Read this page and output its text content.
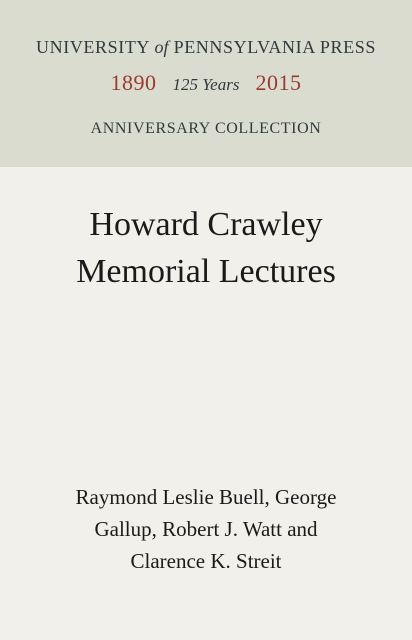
UNIVERSITY of PENNSYLVANIA PRESS
1890 125 Years 2015
ANNIVERSARY COLLECTION
Howard Crawley
Memorial Lectures
Raymond Leslie Buell, George
Gallup, Robert J. Watt and
Clarence K. Streit
